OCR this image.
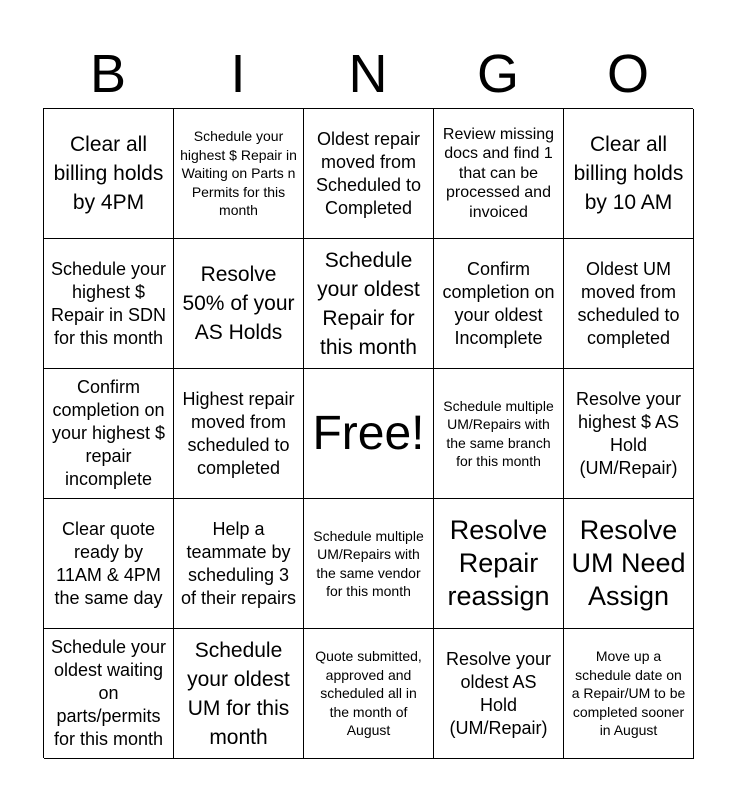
B	I	N	G	O
Clear all billing holds by 4PM
Schedule your highest $ Repair in Waiting on Parts n Permits for this month
Oldest repair moved from Scheduled to Completed
Review missing docs and find 1 that can be processed and invoiced
Clear all billing holds by 10 AM
Schedule your highest $ Repair in SDN for this month
Resolve 50% of your AS Holds
Schedule your oldest Repair for this month
Confirm completion on your oldest Incomplete
Oldest UM moved from scheduled to completed
Confirm completion on your highest $ repair incomplete
Highest repair moved from scheduled to completed
Free!
Schedule multiple UM/Repairs with the same branch for this month
Resolve your highest $ AS Hold (UM/Repair)
Clear quote ready by 11AM & 4PM the same day
Help a teammate by scheduling 3 of their repairs
Schedule multiple UM/Repairs with the same vendor for this month
Resolve Repair reassign
Resolve UM Need Assign
Schedule your oldest waiting on parts/permits for this month
Schedule your oldest UM for this month
Quote submitted, approved and scheduled all in the month of August
Resolve your oldest AS Hold (UM/Repair)
Move up a schedule date on a Repair/UM to be completed sooner in August
